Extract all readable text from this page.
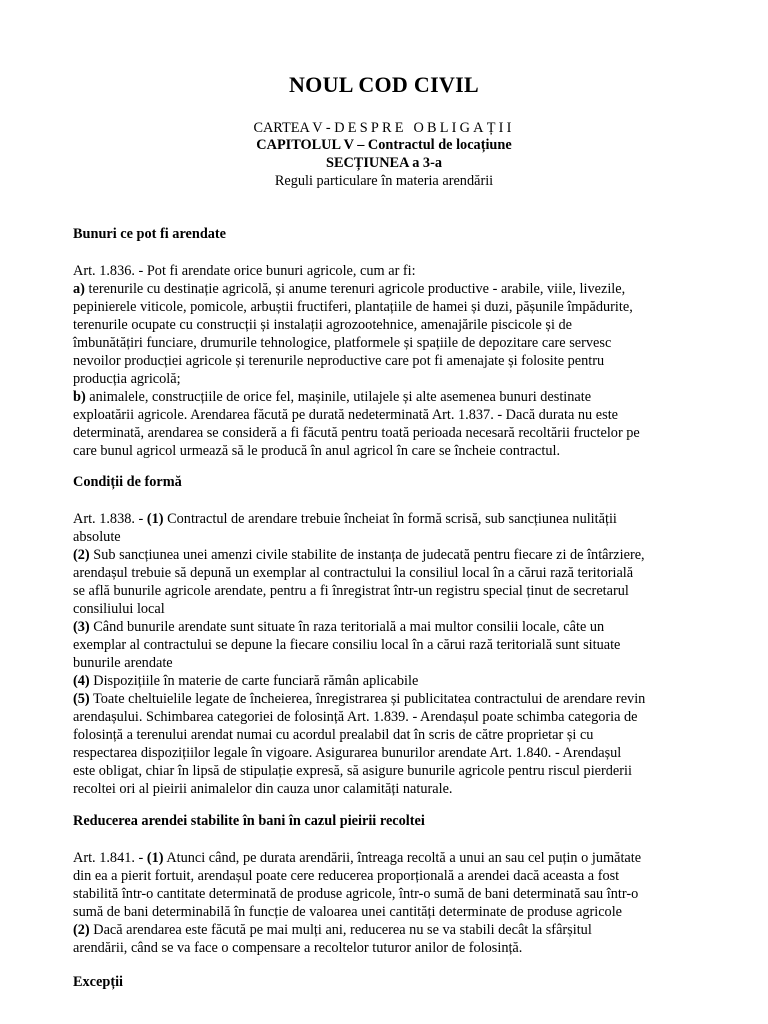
NOUL COD CIVIL

CARTEA V - DESPRE OBLIGAȚII

CAPITOLUL V – Contractul de locațiune

SECȚIUNEA a 3-a

Reguli particulare în materia arendării

Bunuri ce pot fi arendate
Art. 1.836. - Pot fi arendate orice bunuri agricole, cum ar fi:
a) terenurile cu destinație agricolă, și anume terenuri agricole productive - arabile, viile, livezile,
pepinierele viticole, pomicole, arbuștii fructiferi, plantațiile de hamei și duzi, pășunile împădurite,
terenurile ocupate cu construcții și instalații agrozootehnice, amenajările piscicole și de
îmbunătățiri funciare, drumurile tehnologice, platformele și spațiile de depozitare care servesc
nevoilor producției agricole și terenurile neproductive care pot fi amenajate și folosite pentru
producția agricolă;
b) animalele, construcțiile de orice fel, mașinile, utilajele și alte asemenea bunuri destinate
exploatării agricole. Arendarea făcută pe durată nedeterminată Art. 1.837. - Dacă durata nu este
determinată, arendarea se consideră a fi făcută pentru toată perioada necesară recoltării fructelor pe
care bunul agricol urmează să le producă în anul agricol în care se încheie contractul.
Condiții de formă
Art. 1.838. - (1) Contractul de arendare trebuie încheiat în formă scrisă, sub sancțiunea nulității
absolute
(2) Sub sancțiunea unei amenzi civile stabilite de instanța de judecată pentru fiecare zi de întârziere,
arendașul trebuie să depună un exemplar al contractului la consiliul local în a cărui rază teritorială
se află bunurile agricole arendate, pentru a fi înregistrat într-un registru special ținut de secretarul
consiliului local
(3) Când bunurile arendate sunt situate în raza teritorială a mai multor consilii locale, câte un
exemplar al contractului se depune la fiecare consiliu local în a cărui rază teritorială sunt situate
bunurile arendate
(4) Dispozițiile în materie de carte funciară rămân aplicabile
(5) Toate cheltuielile legate de încheierea, înregistrarea și publicitatea contractului de arendare revin
arendașului. Schimbarea categoriei de folosință Art. 1.839. - Arendașul poate schimba categoria de
folosință a terenului arendat numai cu acordul prealabil dat în scris de către proprietar și cu
respectarea dispozițiilor legale în vigoare. Asigurarea bunurilor arendate Art. 1.840. - Arendașul
este obligat, chiar în lipsă de stipulație expresă, să asigure bunurile agricole pentru riscul pierderii
recoltei ori al pieirii animalelor din cauza unor calamități naturale.
Reducerea arendei stabilite în bani în cazul pieirii recoltei
Art. 1.841. - (1) Atunci când, pe durata arendării, întreaga recoltă a unui an sau cel puțin o jumătate
din ea a pierit fortuit, arendașul poate cere reducerea proporțională a arendei dacă aceasta a fost
stabilită într-o cantitate determinată de produse agricole, într-o sumă de bani determinată sau într-o
sumă de bani determinabilă în funcție de valoarea unei cantități determinate de produse agricole
(2) Dacă arendarea este făcută pe mai mulți ani, reducerea nu se va stabili decât la sfârșitul
arendării, când se va face o compensare a recoltelor tuturor anilor de folosință.
Excepții
